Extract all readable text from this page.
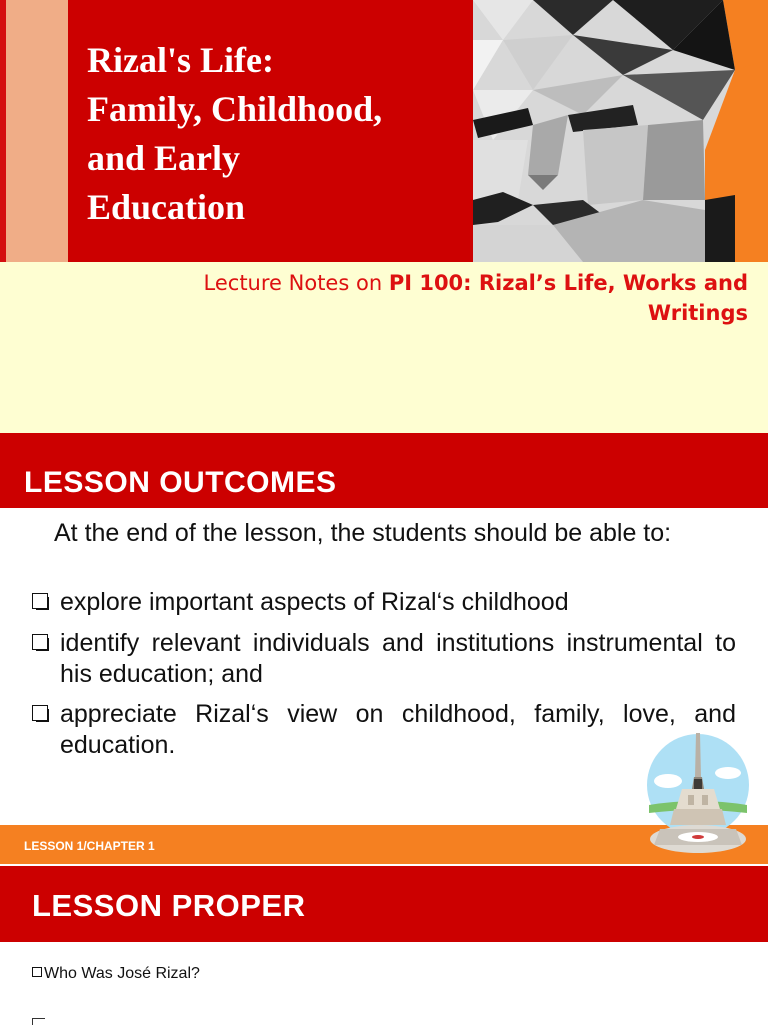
Rizal's Life:
Family, Childhood,
and Early
Education

Lecture Notes on PI 100: Rizal’s Life, Works and
Writings

LESSON OUTCOMES

At the end of the lesson, the students should be able to:

explore important aspects of Rizal‘s childhood

identify relevant individuals and institutions instrumental to his education; and

appreciate Rizal‘s view on childhood, family, love, and education.

LESSON 1/CHAPTER 1

LESSON PROPER

Who Was José Rizal?
